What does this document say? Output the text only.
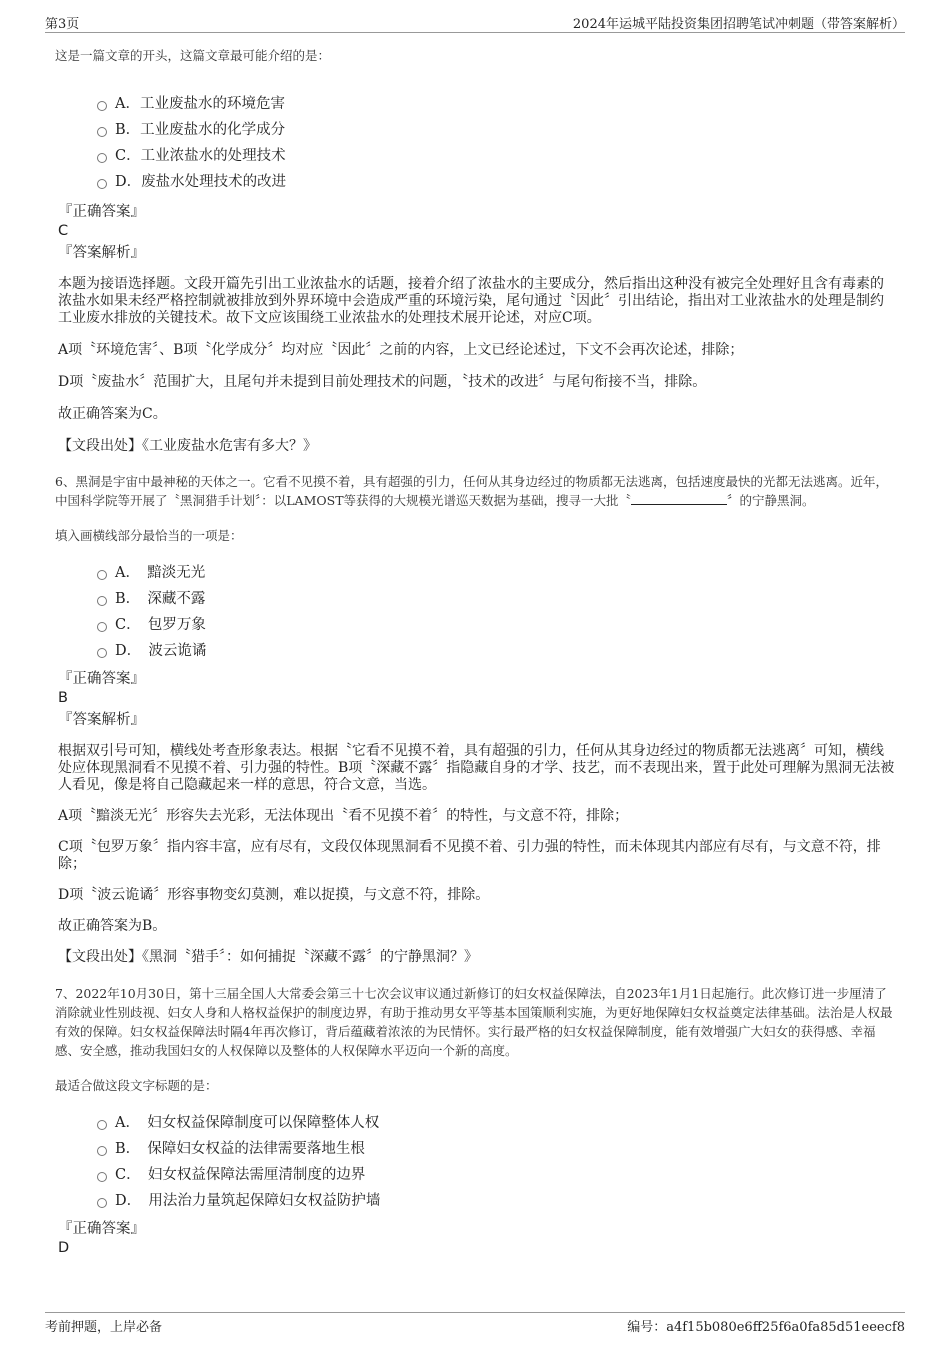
第3页	2024年运城平陆投资集团招聘笔试冲刺题（带答案解析）
这是一篇文章的开头，这篇文章最可能介绍的是：
A．工业废盐水的环境危害
B．工业废盐水的化学成分
C．工业浓盐水的处理技术
D．废盐水处理技术的改进
『正确答案』
C
『答案解析』

本题为接语选择题。文段开篇先引出工业浓盐水的话题，接着介绍了浓盐水的主要成分，然后指出这种没有被完全处理好且含有毒素的浓盐水如果未经严格控制就被排放到外界环境中会造成严重的环境污染，尾句通过〝因此〞引出结论，指出对工业浓盐水的处理是制约工业废水排放的关键技术。故下文应该围绕工业浓盐水的处理技术展开论述，对应C项。

A项〝环境危害〞、B项〝化学成分〞均对应〝因此〞之前的内容，上文已经论述过，下文不会再次论述，排除；

D项〝废盐水〞范围扩大，且尾句并未提到目前处理技术的问题，〝技术的改进〞与尾句衔接不当，排除。

故正确答案为C。

【文段出处】《工业废盐水危害有多大？》

6、黑洞是宇宙中最神秘的天体之一。它看不见摸不着，具有超强的引力，任何从其身边经过的物质都无法逃离，包括速度最快的光都无法逃离。近年，中国科学院等开展了〝黑洞猎手计划〞：以LAMOST等获得的大规模光谱巡天数据为基础，搜寻一大批〝	〞的宁静黑洞。

填入画横线部分最恰当的一项是：
A．　黯淡无光
B．　深藏不露
C．　包罗万象
D．　波云诡谲
『正确答案』
B
『答案解析』

根据双引号可知，横线处考查形象表达。根据〝它看不见摸不着，具有超强的引力，任何从其身边经过的物质都无法逃离〞可知，横线处应体现黑洞看不见摸不着、引力强的特性。B项〝深藏不露〞指隐藏自身的才学、技艺，而不表现出来，置于此处可理解为黑洞无法被人看见，像是将自己隐藏起来一样的意思，符合文意，当选。

A项〝黯淡无光〞形容失去光彩，无法体现出〝看不见摸不着〞的特性，与文意不符，排除；

C项〝包罗万象〞指内容丰富，应有尽有，文段仅体现黑洞看不见摸不着、引力强的特性，而未体现其内部应有尽有，与文意不符，排除；

D项〝波云诡谲〞形容事物变幻莫测，难以捉摸，与文意不符，排除。

故正确答案为B。

【文段出处】《黑洞〝猎手〞：如何捕捉〝深藏不露〞的宁静黑洞？》

7、2022年10月30日，第十三届全国人大常委会第三十七次会议审议通过新修订的妇女权益保障法，自2023年1月1日起施行。此次修订进一步厘清了消除就业性别歧视、妇女人身和人格权益保护的制度边界，有助于推动男女平等基本国策顺利实施，为更好地保障妇女权益奠定法律基础。法治是人权最有效的保障。妇女权益保障法时隔4年再次修订，背后蕴藏着浓浓的为民情怀。实行最严格的妇女权益保障制度，能有效增强广大妇女的获得感、幸福感、安全感，推动我国妇女的人权保障以及整体的人权保障水平迈向一个新的高度。

最适合做这段文字标题的是：
A．　妇女权益保障制度可以保障整体人权
B．　保障妇女权益的法律需要落地生根
C．　妇女权益保障法需厘清制度的边界
D．　用法治力量筑起保障妇女权益防护墙
『正确答案』
D
考前押题，上岸必备	编号：a4f15b080e6ff25f6a0fa85d51eeecf8
